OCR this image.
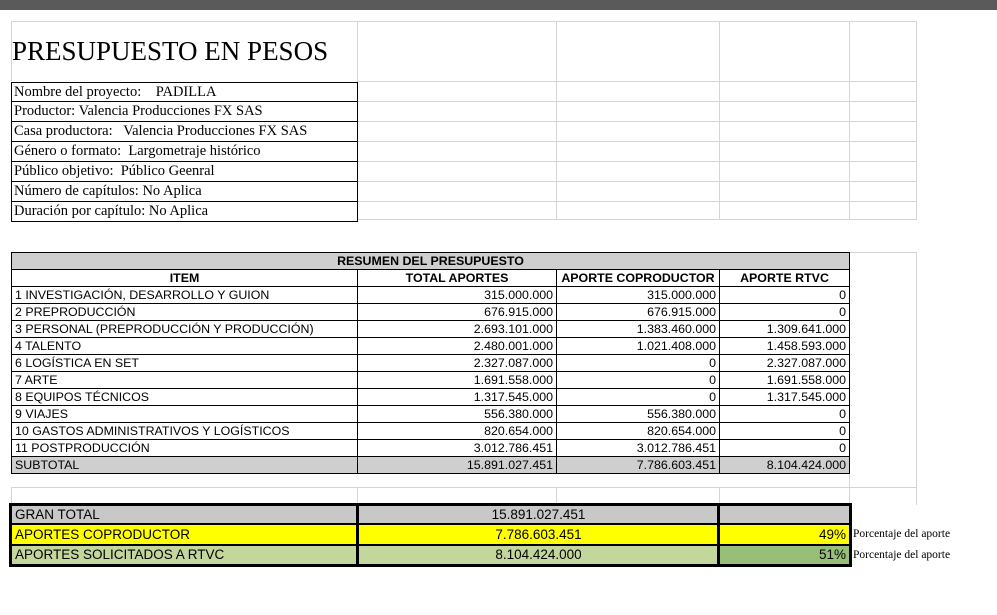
PRESUPUESTO EN PESOS
Nombre del proyecto:    PADILLA
Productor: Valencia Producciones FX SAS
Casa productora:   Valencia Producciones FX SAS
Género o formato:  Largometraje histórico
Público objetivo:  Público Geenral
Número de capítulos: No Aplica
Duración por capítulo: No Aplica
RESUMEN DEL PRESUPUESTO			
ITEM	TOTAL APORTES	APORTE COPRODUCTOR	APORTE RTVC
1 INVESTIGACIÓN, DESARROLLO Y GUION	315.000.000	315.000.000	0
2 PREPRODUCCIÓN	676.915.000	676.915.000	0
3 PERSONAL (PREPRODUCCIÓN Y PRODUCCIÓN)	2.693.101.000	1.383.460.000	1.309.641.000
4 TALENTO	2.480.001.000	1.021.408.000	1.458.593.000
6 LOGÍSTICA EN SET	2.327.087.000	0	2.327.087.000
7 ARTE	1.691.558.000	0	1.691.558.000
8 EQUIPOS TÉCNICOS	1.317.545.000	0	1.317.545.000
9 VIAJES	556.380.000	556.380.000	0
10 GASTOS ADMINISTRATIVOS Y LOGÍSTICOS	820.654.000	820.654.000	0
11 POSTPRODUCCIÓN	3.012.786.451	3.012.786.451	0
SUBTOTAL	15.891.027.451	7.786.603.451	8.104.424.000
GRAN TOTAL	15.891.027.451	
APORTES COPRODUCTOR	7.786.603.451	49%
APORTES SOLICITADOS A RTVC	8.104.424.000	51%
Porcentaje del aporte
Porcentaje del aporte
